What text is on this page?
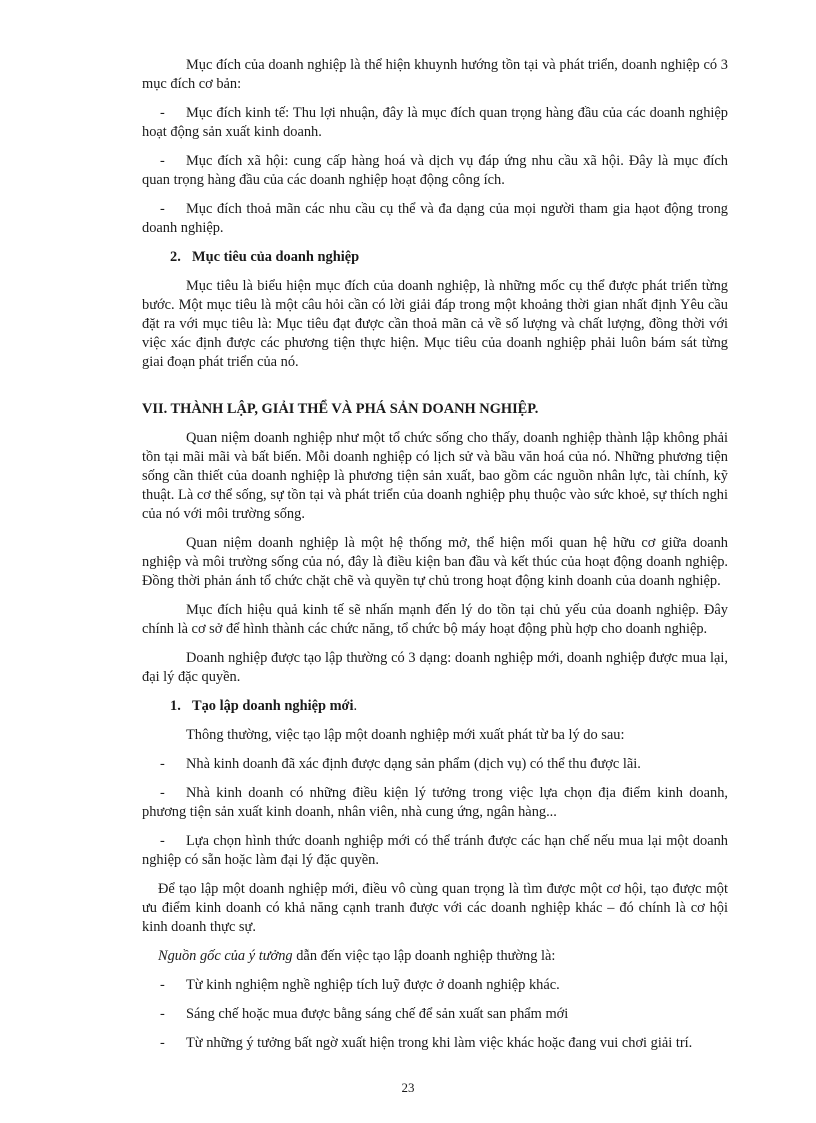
Mục đích của doanh nghiệp là thể hiện khuynh hướng tồn tại và phát triển, doanh nghiệp có 3 mục đích cơ bản:

- Mục đích kinh tế: Thu lợi nhuận, đây là mục đích quan trọng hàng đầu của các doanh nghiệp hoạt động sản xuất kinh doanh.

- Mục đích xã hội: cung cấp hàng hoá và dịch vụ đáp ứng nhu cầu xã hội. Đây là mục đích quan trọng hàng đầu của các doanh nghiệp hoạt động công ích.

- Mục đích thoả mãn các nhu cầu cụ thể và đa dạng của mọi người tham gia hạot động trong doanh nghiệp.

2. Mục tiêu của doanh nghiệp

Mục tiêu là biểu hiện mục đích của doanh nghiệp, là những mốc cụ thể được phát triển từng bước. Một mục tiêu là một câu hỏi cần có lời giải đáp trong một khoảng thời gian nhất định Yêu cầu đặt ra với mục tiêu là: Mục tiêu đạt được cần thoả mãn cả về số lượng và chất lượng, đồng thời với việc xác định được các phương tiện thực hiện. Mục tiêu của doanh nghiệp phải luôn bám sát từng giai đoạn phát triển của nó.

VII. THÀNH LẬP, GIẢI THỂ VÀ PHÁ SẢN DOANH NGHIỆP.

Quan niệm doanh nghiệp như một tổ chức sống cho thấy, doanh nghiệp thành lập không phải tồn tại mãi mãi và bất biến. Mỗi doanh nghiệp có lịch sử và bầu văn hoá của nó. Những phương tiện sống cần thiết của doanh nghiệp là phương tiện sản xuất, bao gồm các nguồn nhân lực, tài chính, kỹ thuật. Là cơ thể sống, sự tồn tại và phát triển của doanh nghiệp phụ thuộc vào sức khoẻ, sự thích nghi của nó với môi trường sống.

Quan niệm doanh nghiệp là một hệ thống mở, thể hiện mối quan hệ hữu cơ giữa doanh nghiệp và môi trường sống của nó, đây là điều kiện ban đầu và kết thúc của hoạt động doanh nghiệp. Đồng thời phản ánh tổ chức chặt chẽ và quyền tự chủ trong hoạt động kinh doanh của doanh nghiệp.

Mục đích hiệu quả kinh tế sẽ nhấn mạnh đến lý do tồn tại chủ yếu của doanh nghiệp. Đây chính là cơ sở để hình thành các chức năng, tổ chức bộ máy hoạt động phù hợp cho doanh nghiệp.

Doanh nghiệp được tạo lập thường có 3 dạng: doanh nghiệp mới, doanh nghiệp được mua lại, đại lý đặc quyền.

1. Tạo lập doanh nghiệp mới.

Thông thường, việc tạo lập một doanh nghiệp mới xuất phát từ ba lý do sau:

- Nhà kinh doanh đã xác định được dạng sản phẩm (dịch vụ) có thể thu được lãi.

- Nhà kinh doanh có những điều kiện lý tưởng trong việc lựa chọn địa điểm kinh doanh, phương tiện sản xuất kinh doanh, nhân viên, nhà cung ứng, ngân hàng...

- Lựa chọn hình thức doanh nghiệp mới có thể tránh được các hạn chế nếu mua lại một doanh nghiệp có sẵn hoặc làm đại lý đặc quyền.

Để tạo lập một doanh nghiệp mới, điều vô cùng quan trọng là tìm được một cơ hội, tạo được một ưu điểm kinh doanh có khả năng cạnh tranh được với các doanh nghiệp khác – đó chính là cơ hội kinh doanh thực sự.

Nguồn gốc của ý tưởng dẫn đến việc tạo lập doanh nghiệp thường là:

- Từ kinh nghiệm nghề nghiệp tích luỹ được ở doanh nghiệp khác.

- Sáng chế hoặc mua được bằng sáng chế để sản xuất san phẩm mới

- Từ những ý tưởng bất ngờ xuất hiện trong khi làm việc khác hoặc đang vui chơi giải trí.

23
